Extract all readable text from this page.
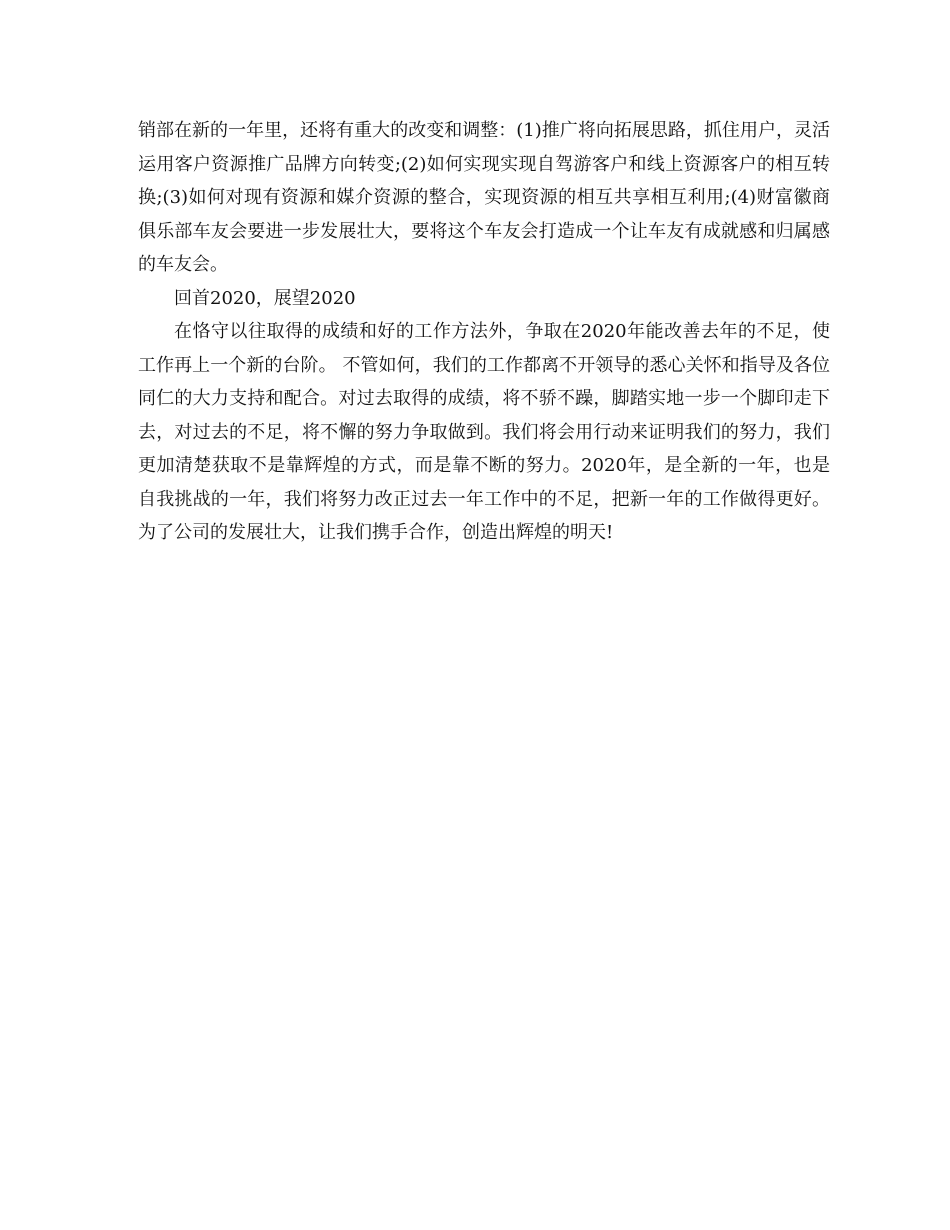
销部在新的一年里，还将有重大的改变和调整：(1)推广将向拓展思路，抓住用户，灵活运用客户资源推广品牌方向转变;(2)如何实现实现自驾游客户和线上资源客户的相互转换;(3)如何对现有资源和媒介资源的整合，实现资源的相互共享相互利用;(4)财富徽商俱乐部车友会要进一步发展壮大，要将这个车友会打造成一个让车友有成就感和归属感的车友会。

回首2020，展望2020

在恪守以往取得的成绩和好的工作方法外，争取在2020年能改善去年的不足，使工作再上一个新的台阶。 不管如何，我们的工作都离不开领导的悉心关怀和指导及各位同仁的大力支持和配合。对过去取得的成绩，将不骄不躁，脚踏实地一步一个脚印走下去，对过去的不足，将不懈的努力争取做到。我们将会用行动来证明我们的努力，我们更加清楚获取不是靠辉煌的方式，而是靠不断的努力。2020年，是全新的一年，也是自我挑战的一年，我们将努力改正过去一年工作中的不足，把新一年的工作做得更好。为了公司的发展壮大，让我们携手合作，创造出辉煌的明天!
